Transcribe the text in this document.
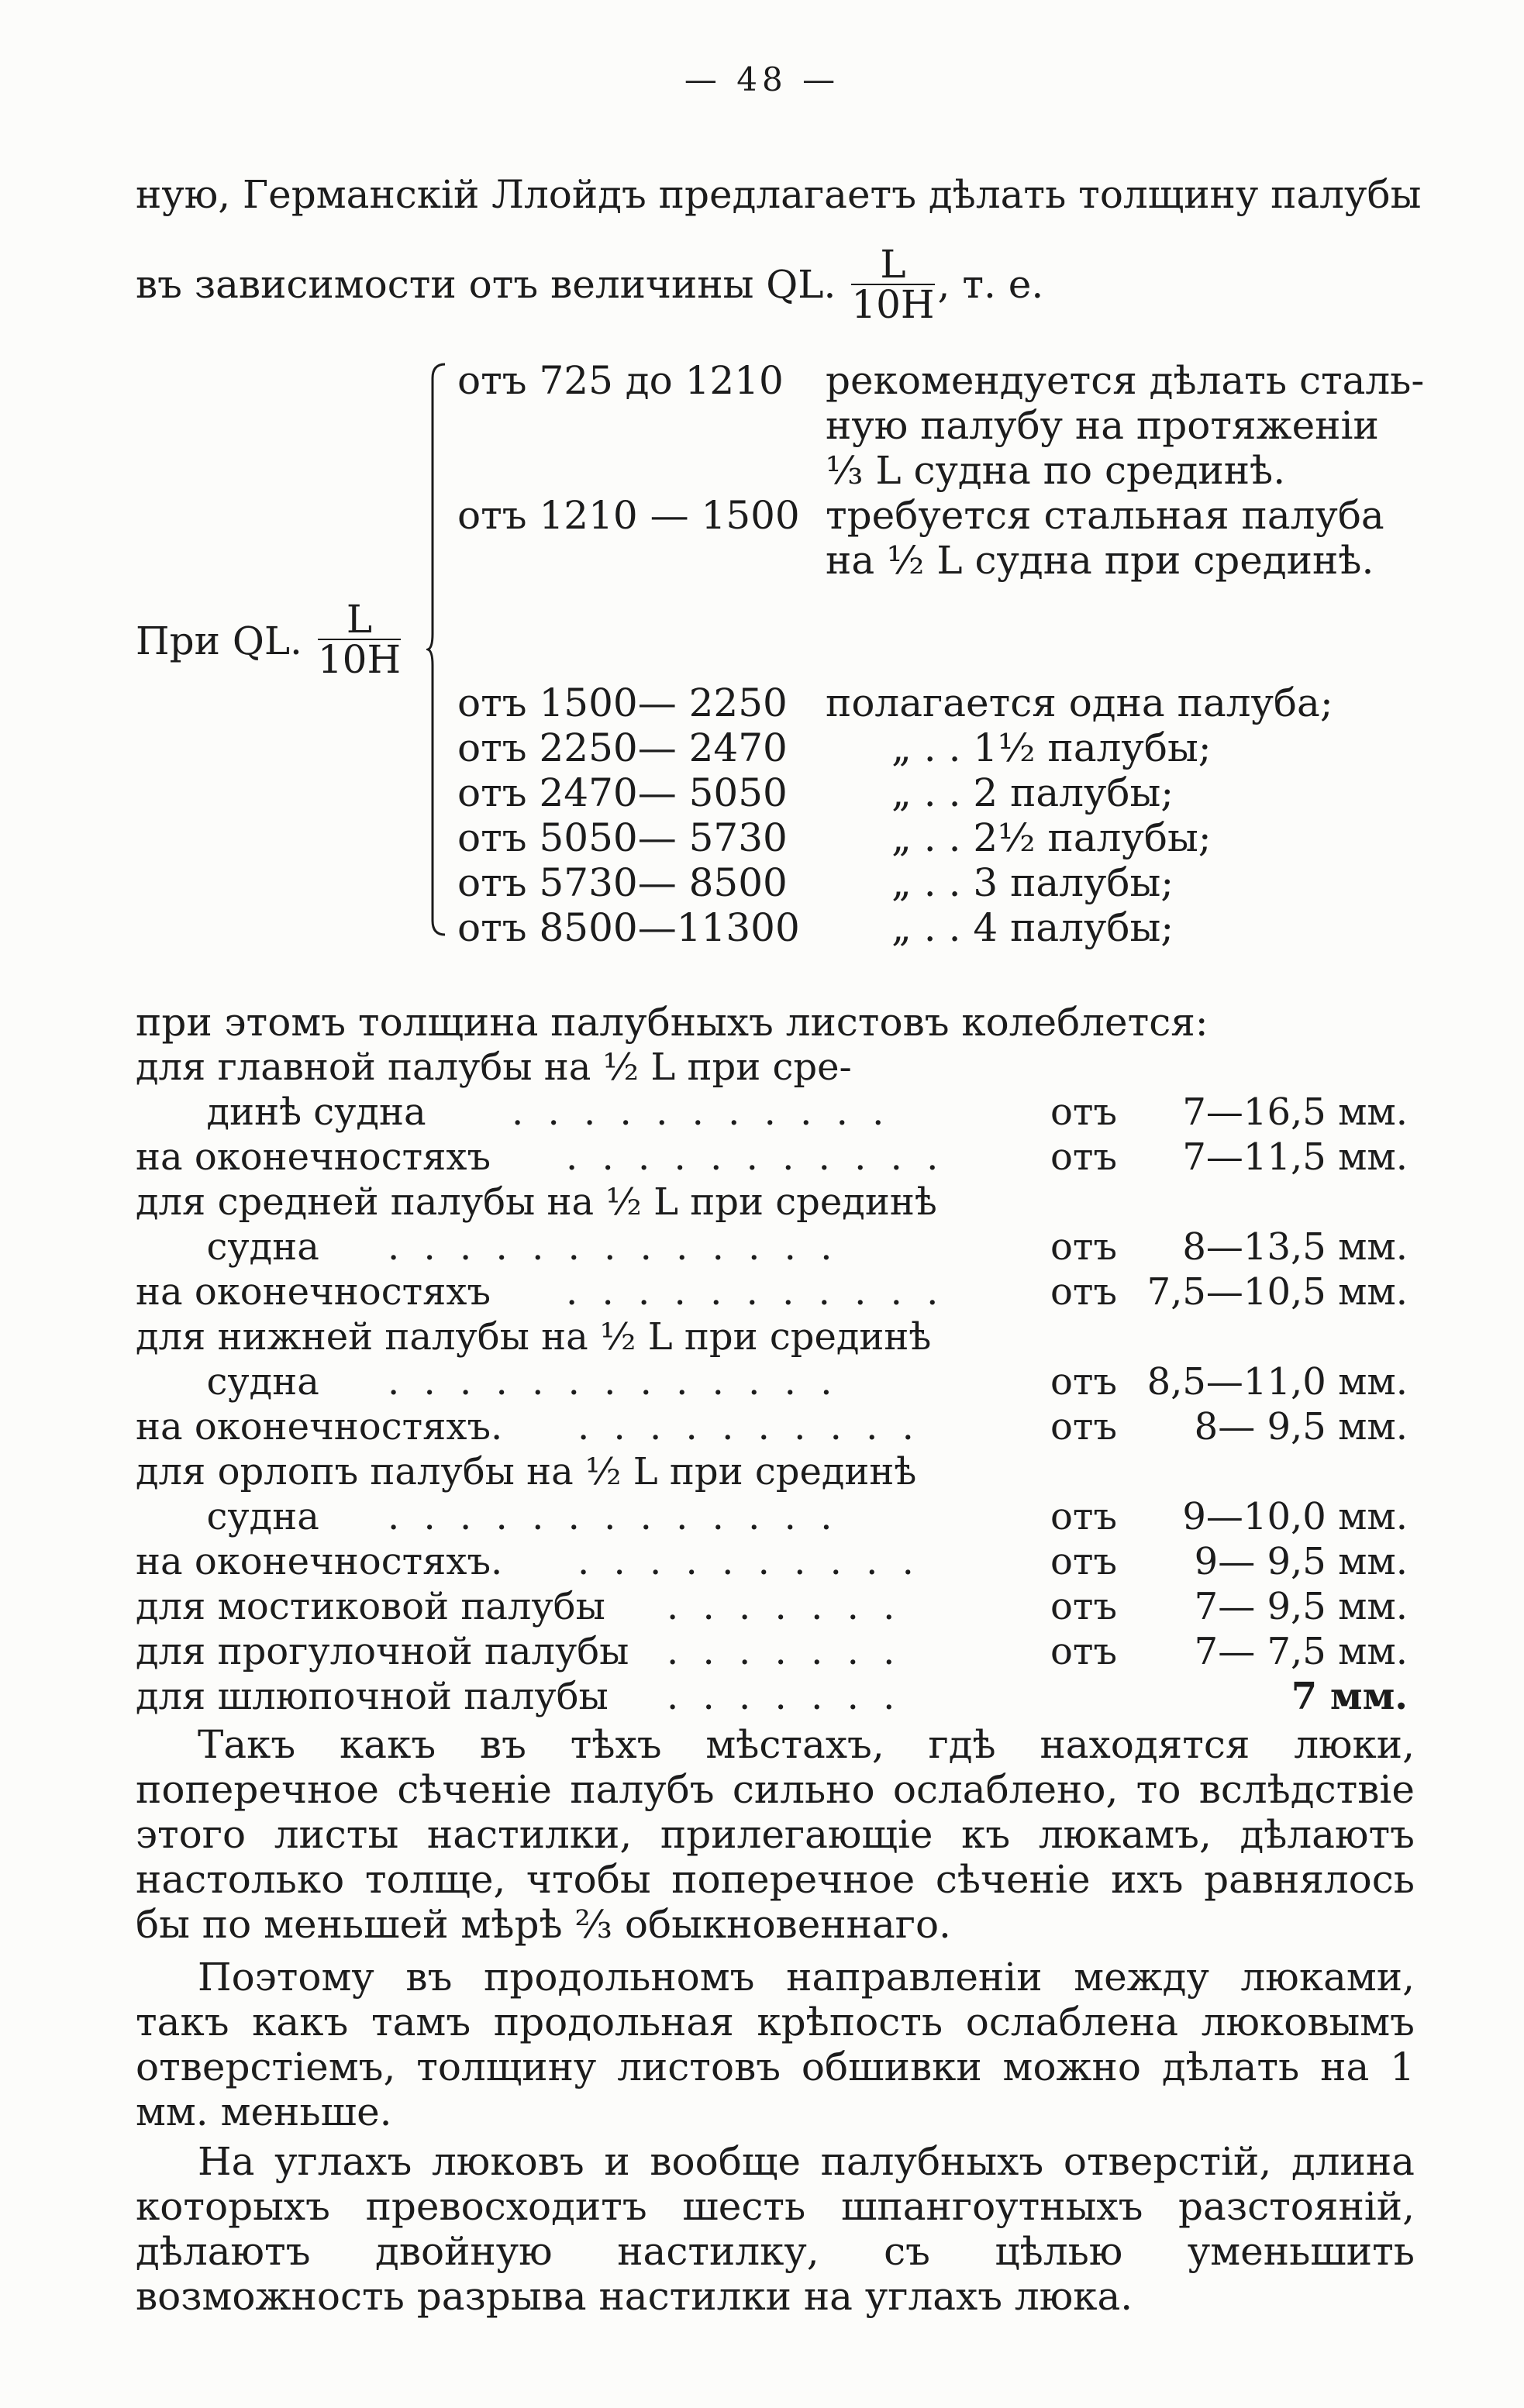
— 48 —
ную, Германскій Ллойдъ предлагаетъ дѣлать толщину палубы
въ зависимости отъ величины QL. $\frac{L}{10H}$ , т. е.
При QL. $\frac{L}{10H}$
отъ 725 до 1210 рекомендуется дѣлать сталь-
ную палубу на протяженіи
⅓ L судна по срединѣ.
отъ 1210 — 1500 требуется стальная палуба
на ½ L судна при срединѣ.
отъ 1500— 2250 полагается одна палуба;
отъ 2250— 2470	„ . . 1½ палубы;
отъ 2470— 5050	„ . . 2 палубы;
отъ 5050— 5730	„ . . 2½ палубы;
отъ 5730— 8500	„ . . 3 палубы;
отъ 8500—11300 „ . . 4 палубы;
при этомъ толщина палубныхъ листовъ колеблется:
для главной палубы на ½ L при сре-
динѣ судна . . . . . . . . . . .	отъ 7—16,5 мм.
на оконечностяхъ . . . . . . . . . . .	отъ 7—11,5 мм.
для средней палубы на ½ L при срединѣ
судна . . . . . . . . . . . . .	отъ 8—13,5 мм.
на оконечностяхъ . . . . . . . . . . .	отъ 7,5—10,5 мм.
для нижней палубы на ½ L при срединѣ
судна . . . . . . . . . . . . .	отъ 8,5—11,0 мм.
на оконечностяхъ. . . . . . . . . . .	отъ 8— 9,5 мм.
для орлопъ палубы на ½ L при срединѣ
судна . . . . . . . . . . . . .	отъ 9—10,0 мм.
на оконечностяхъ. . . . . . . . . . .	отъ 9— 9,5 мм.
для мостиковой палубы . . . . . . .	отъ 7— 9,5 мм.
для прогулочной палубы . . . . . . .	отъ 7— 7,5 мм.
для шлюпочной палубы . . . . . . .	7 мм.
Такъ какъ въ тѣхъ мѣстахъ, гдѣ находятся люки, поперечное сѣченіе палубъ сильно ослаблено, то вслѣдствіе этого листы настилки, прилегающіе къ люкамъ, дѣлаютъ настолько толще, чтобы поперечное сѣченіе ихъ равнялось бы по меньшей мѣрѣ ⅔ обыкновеннаго.
Поэтому въ продольномъ направленіи между люками, такъ какъ тамъ продольная крѣпость ослаблена люковымъ отверстіемъ, толщину листовъ обшивки можно дѣлать на 1 мм. меньше.
На углахъ люковъ и вообще палубныхъ отверстій, длина которыхъ превосходитъ шесть шпангоутныхъ разстояній, дѣлаютъ двойную настилку, съ цѣлью уменьшить возможность разрыва настилки на углахъ люка.
